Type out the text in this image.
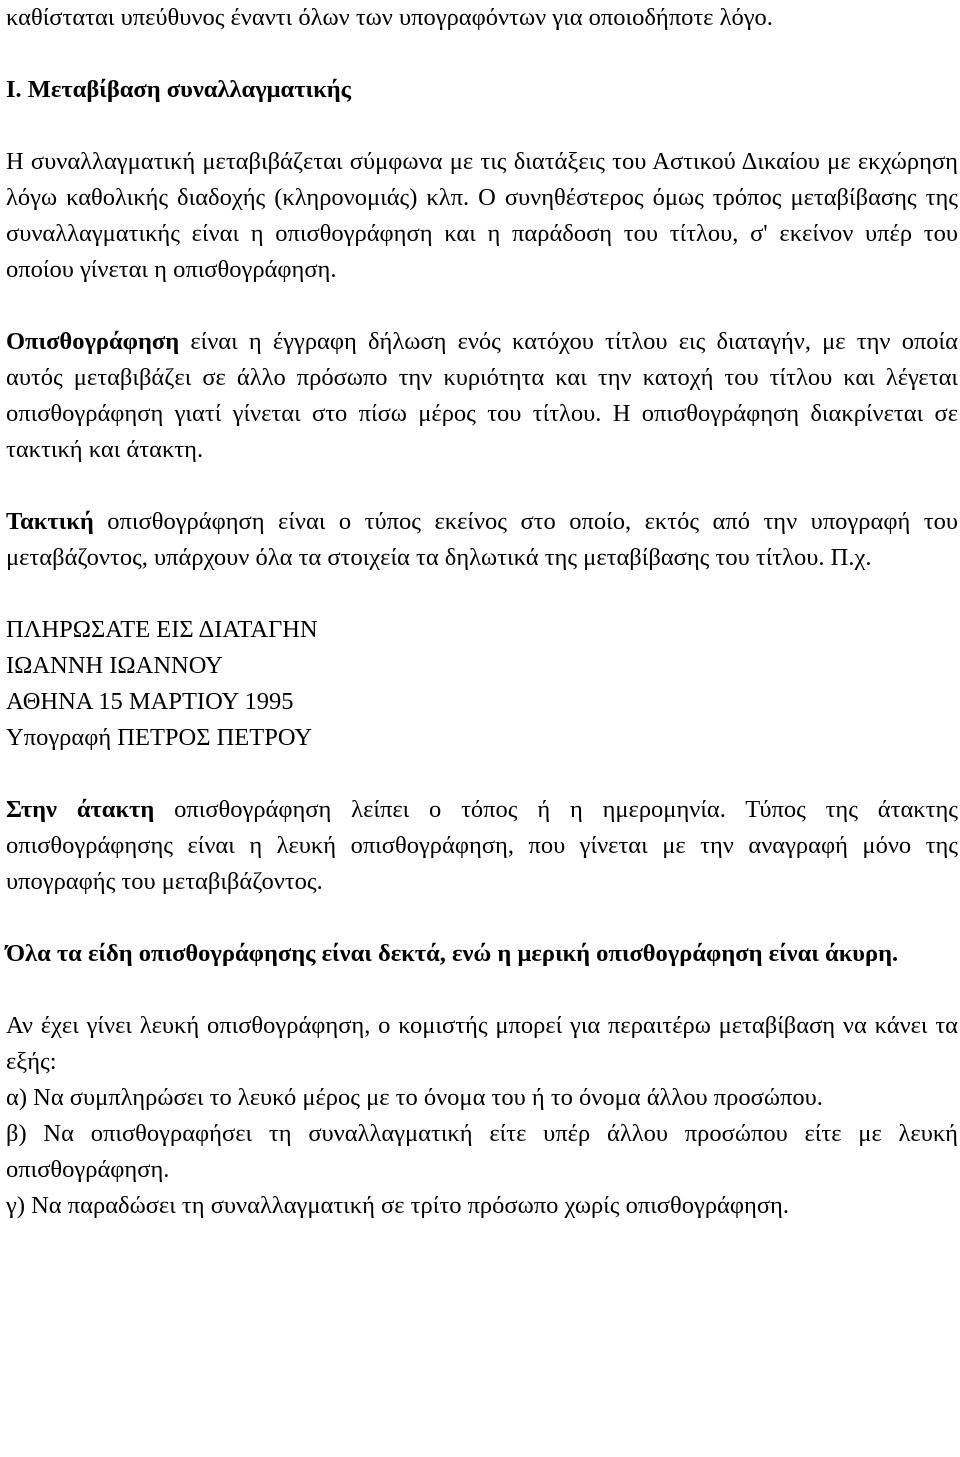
καθίσταται υπεύθυνος έναντι όλων των υπογραφόντων για οποιοδήποτε λόγο.

Ι. Μεταβίβαση συναλλαγματικής

Η συναλλαγματική μεταβιβάζεται σύμφωνα με τις διατάξεις του Αστικού Δικαίου με εκχώρηση λόγω καθολικής διαδοχής (κληρονομιάς) κλπ. Ο συνηθέστερος όμως τρόπος μεταβίβασης της συναλλαγματικής είναι η οπισθογράφηση και η παράδοση του τίτλου, σ' εκείνον υπέρ του οποίου γίνεται η οπισθογράφηση.

Οπισθογράφηση είναι η έγγραφη δήλωση ενός κατόχου τίτλου εις διαταγήν, με την οποία αυτός μεταβιβάζει σε άλλο πρόσωπο την κυριότητα και την κατοχή του τίτλου και λέγεται οπισθογράφηση γιατί γίνεται στο πίσω μέρος του τίτλου. Η οπισθογράφηση διακρίνεται σε τακτική και άτακτη.

Τακτική οπισθογράφηση είναι ο τύπος εκείνος στο οποίο, εκτός από την υπογραφή του μεταβάζοντος, υπάρχουν όλα τα στοιχεία τα δηλωτικά της μεταβίβασης του τίτλου. Π.χ.

ΠΛΗΡΩΣΑΤΕ ΕΙΣ ΔΙΑΤΑΓΗΝ
ΙΩΑΝΝΗ ΙΩΑΝΝΟΥ
ΑΘΗΝΑ 15 ΜΑΡΤΙΟΥ 1995
Υπογραφή ΠΕΤΡΟΣ ΠΕΤΡΟΥ

Στην άτακτη οπισθογράφηση λείπει ο τόπος ή η ημερομηνία. Τύπος της άτακτης οπισθογράφησης είναι η λευκή οπισθογράφηση, που γίνεται με την αναγραφή μόνο της υπογραφής του μεταβιβάζοντος.

Όλα τα είδη οπισθογράφησης είναι δεκτά, ενώ η μερική οπισθογράφηση είναι άκυρη.

Αν έχει γίνει λευκή οπισθογράφηση, ο κομιστής μπορεί για περαιτέρω μεταβίβαση να κάνει τα εξής:

α) Να συμπληρώσει το λευκό μέρος με το όνομα του ή το όνομα άλλου προσώπου.

β) Να οπισθογραφήσει τη συναλλαγματική είτε υπέρ άλλου προσώπου είτε με λευκή οπισθογράφηση.

γ) Να παραδώσει τη συναλλαγματική σε τρίτο πρόσωπο χωρίς οπισθογράφηση.
